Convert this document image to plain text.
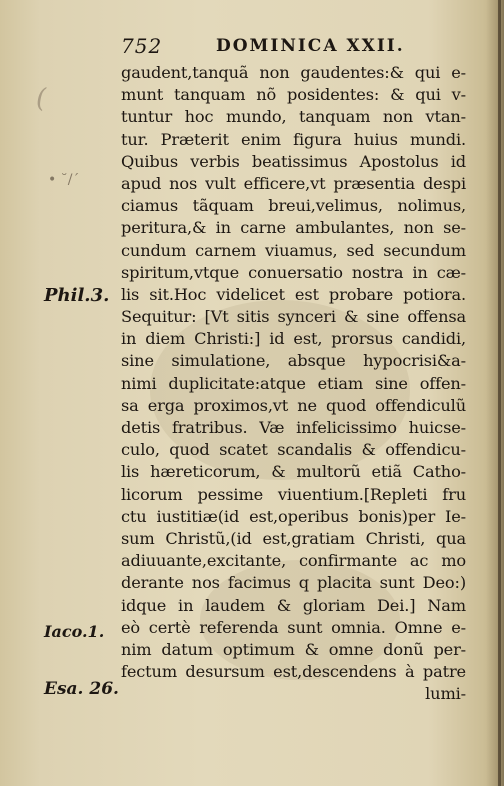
752	DOMINICA XXII.
(
• ˘/´
Phil.3.
Iaco.1.
Esa. 26.
gaudent,tanquã non gaudentes:& qui e-
munt tanquam nõ posidentes: & qui v-
tuntur hoc mundo, tanquam non vtan-
tur. Præterit enim figura huius mundi.
Quibus verbis beatissimus Apostolus id
apud nos vult efficere,vt præsentia despi
ciamus tãquam breui,velimus, nolimus,
peritura,& in carne ambulantes, non se-
cundum carnem viuamus, sed secundum
spiritum,vtque conuersatio nostra in cæ-
lis sit.Hoc videlicet est probare potiora.
Sequitur: [Vt sitis synceri & sine offensa
in diem Christi:] id est, prorsus candidi,
sine simulatione, absque hypocrisi&a-
nimi duplicitate:atque etiam sine offen-
sa erga proximos,vt ne quod offendiculũ
detis fratribus. Væ infelicissimo huicse-
culo, quod scatet scandalis & offendicu-
lis hæreticorum, & multorũ etiã Catho-
licorum pessime viuentium.[Repleti fru
ctu iustitiæ(id est,operibus bonis)per Ie-
sum Christũ,(id est,gratiam Christi, qua
adiuuante,excitante, confirmante ac mo
derante nos facimus q placita sunt Deo:)
idque in laudem & gloriam Dei.] Nam
eò certè referenda sunt omnia. Omne e-
nim datum optimum & omne donũ per-
fectum desursum est,descendens à patre
lumi-
